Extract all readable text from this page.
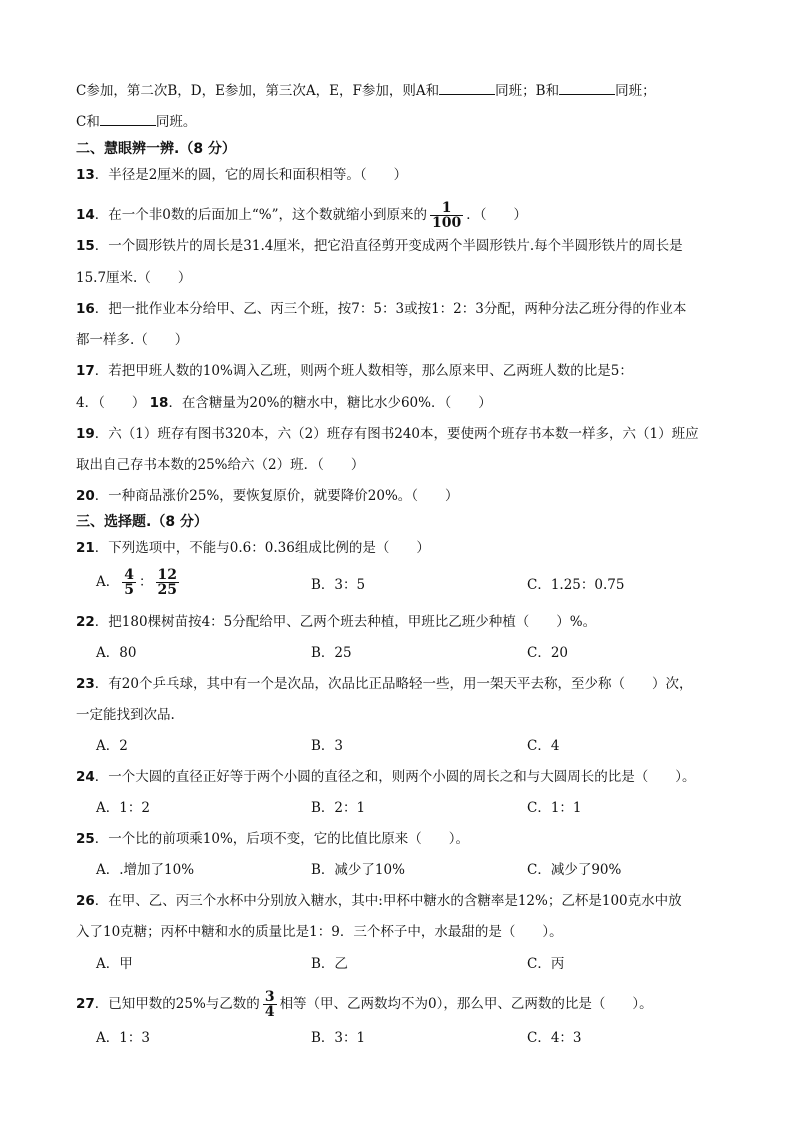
C参加，第二次B，D，E参加，第三次A，E，F参加，则A和	同班；B和	同班；
C和	同班。
二、慧眼辨一辨.（8 分）
13．半径是2厘米的圆，它的周长和面积相等。（　　）
14．在一个非0数的后面加上“%”，这个数就缩小到原来的 $\frac{1}{100}$ ．（　　）
15．一个圆形铁片的周长是31.4厘米，把它沿直径剪开变成两个半圆形铁片.每个半圆形铁片的周长是
15.7厘米.（　　）
16．把一批作业本分给甲、乙、丙三个班，按7：5：3或按1：2：3分配，两种分法乙班分得的作业本
都一样多.（　　）
17．若把甲班人数的10%调入乙班，则两个班人数相等，那么原来甲、乙两班人数的比是5：
4．（　　） 18．在含糖量为20%的糖水中，糖比水少60%．（　　）
19．六（1）班存有图书320本，六（2）班存有图书240本，要使两个班存书本数一样多，六（1）班应
取出自己存书本数的25%给六（2）班．（　　）
20．一种商品涨价25%，要恢复原价，就要降价20%。（　　）
三、选择题.（8 分）
21．下列选项中，不能与0.6：0.36组成比例的是（　　）
A． $\frac{4}{5}$ ： $\frac{12}{25}$	B．3：5	C．1.25：0.75
22．把180棵树苗按4：5分配给甲、乙两个班去种植，甲班比乙班少种植（　　）%。
A．80	B．25	C．20
23．有20个乒乓球，其中有一个是次品，次品比正品略轻一些，用一架天平去称，至少称（　　）次，
一定能找到次品.
A．2	B．3	C．4
24．一个大圆的直径正好等于两个小圆的直径之和，则两个小圆的周长之和与大圆周长的比是（　　）。
A．1：2	B．2：1	C．1：1
25．一个比的前项乘10%，后项不变，它的比值比原来（　　）。
A．.增加了10%	B．减少了10%	C．减少了90%
26．在甲、乙、丙三个水杯中分别放入糖水，其中:甲杯中糖水的含糖率是12%；乙杯是100克水中放
入了10克糖；丙杯中糖和水的质量比是1：9．三个杯子中，水最甜的是（　　）。
A．甲	B．乙	C．丙
27．已知甲数的25%与乙数的 $\frac{3}{4}$ 相等（甲、乙两数均不为0），那么甲、乙两数的比是（　　）。
A．1：3	B．3：1	C．4：3
